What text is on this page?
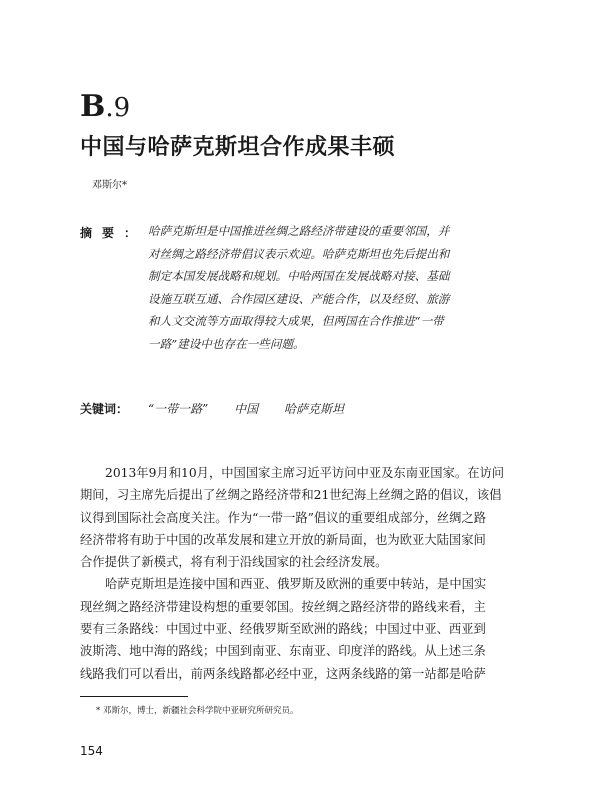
B.9
中国与哈萨克斯坦合作成果丰硕
邓斯尔*
摘要： 哈萨克斯坦是中国推进丝绸之路经济带建设的重要邻国，并
对丝绸之路经济带倡议表示欢迎。哈萨克斯坦也先后提出和
制定本国发展战略和规划。中哈两国在发展战略对接、基础
设施互联互通、合作园区建设、产能合作，以及经贸、旅游
和人文交流等方面取得较大成果，但两国在合作推进“一带
一路”建设中也存在一些问题。
关键词： “一带一路” 中国 哈萨克斯坦
2013年9月和10月，中国国家主席习近平访问中亚及东南亚国家。在访问
期间，习主席先后提出了丝绸之路经济带和21世纪海上丝绸之路的倡议，该倡
议得到国际社会高度关注。作为“一带一路”倡议的重要组成部分，丝绸之路
经济带将有助于中国的改革发展和建立开放的新局面，也为欧亚大陆国家间
合作提供了新模式，将有利于沿线国家的社会经济发展。
哈萨克斯坦是连接中国和西亚、俄罗斯及欧洲的重要中转站，是中国实
现丝绸之路经济带建设构想的重要邻国。按丝绸之路经济带的路线来看，主
要有三条路线：中国过中亚、经俄罗斯至欧洲的路线；中国过中亚、西亚到
波斯湾、地中海的路线；中国到南亚、东南亚、印度洋的路线。从上述三条
线路我们可以看出，前两条线路都必经中亚，这两条线路的第一站都是哈萨
* 邓斯尔，博士，新疆社会科学院中亚研究所研究员。
154
